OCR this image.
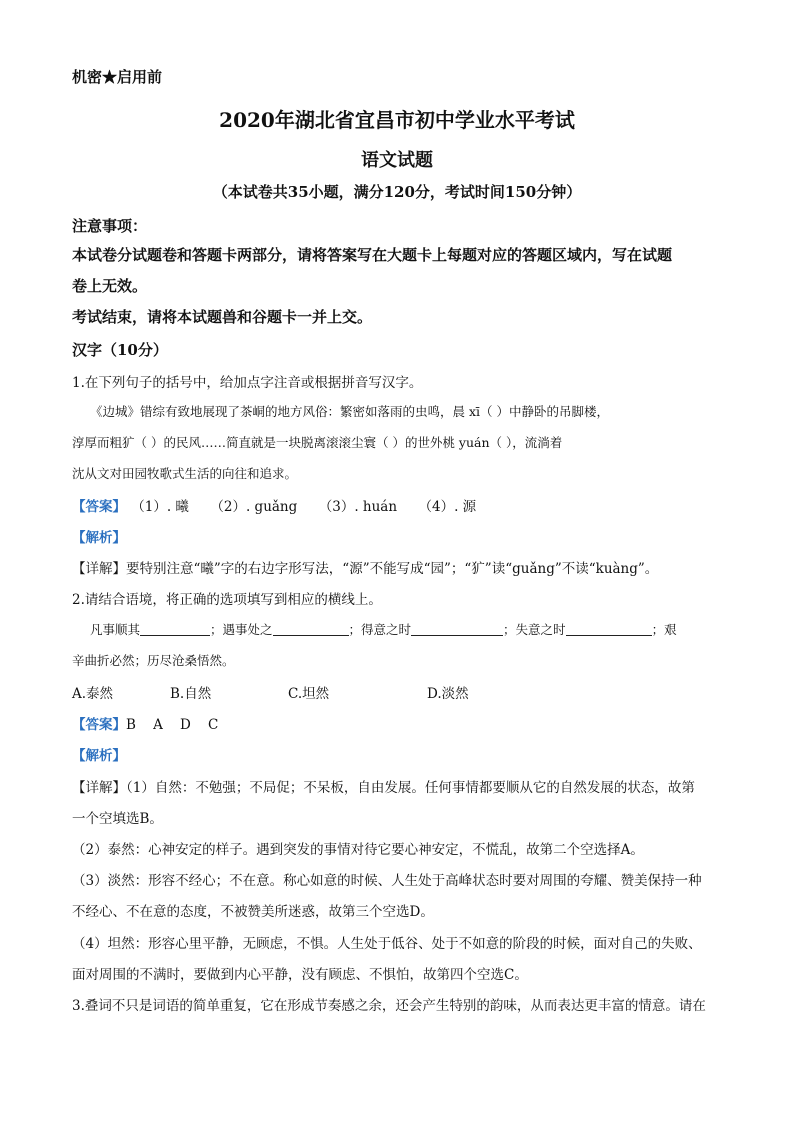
机密★启用前
2020年湖北省宜昌市初中学业水平考试
语文试题
（本试卷共35小题，满分120分，考试时间150分钟）
注意事项：
本试卷分试题卷和答题卡两部分，请将答案写在大题卡上每题对应的答题区域内，写在试题
卷上无效。
考试结束，请将本试题兽和谷题卡一并上交。
汉字（10分）
1.在下列句子的括号中，给加点字注音或根据拼音写汉字。
《边城》错综有致地展现了茶峒的地方风俗：繁密如落雨的虫鸣，晨 xī（ ）中静卧的吊脚楼，
淳厚而粗犷（ ）的民风……简直就是一块脱离滚滚尘寰（ ）的世外桃 yuán（ ），流淌着
沈从文对田园牧歌式生活的向往和追求。
【答案】 （1）. 曦     （2）. guǎng     （3）. huán     （4）. 源
【解析】
【详解】要特别注意“曦”字的右边字形写法，“源”不能写成“园”；“犷”读“guǎng”不读“kuàng”。
2.请结合语境，将正确的选项填写到相应的横线上。
凡事顺其	；遇事处之	；得意之时	；失意之时	；艰
辛曲折必然；历尽沧桑悟然。
A.泰然	B.自然	C.坦然	D.淡然
【答案】B    A    D    C
【解析】
【详解】（1）自然：不勉强；不局促；不呆板，自由发展。任何事情都要顺从它的自然发展的状态，故第
一个空填选B。
（2）泰然：心神安定的样子。遇到突发的事情对待它要心神安定，不慌乱，故第二个空选择A。
（3）淡然：形容不经心；不在意。称心如意的时候、人生处于高峰状态时要对周围的夸耀、赞美保持一种
不经心、不在意的态度，不被赞美所迷惑，故第三个空选D。
（4）坦然：形容心里平静，无顾虑，不惧。人生处于低谷、处于不如意的阶段的时候，面对自己的失败、
面对周围的不满时，要做到内心平静，没有顾虑、不惧怕，故第四个空选C。
3.叠词不只是词语的简单重复，它在形成节奏感之余，还会产生特别的韵味，从而表达更丰富的情意。请在
